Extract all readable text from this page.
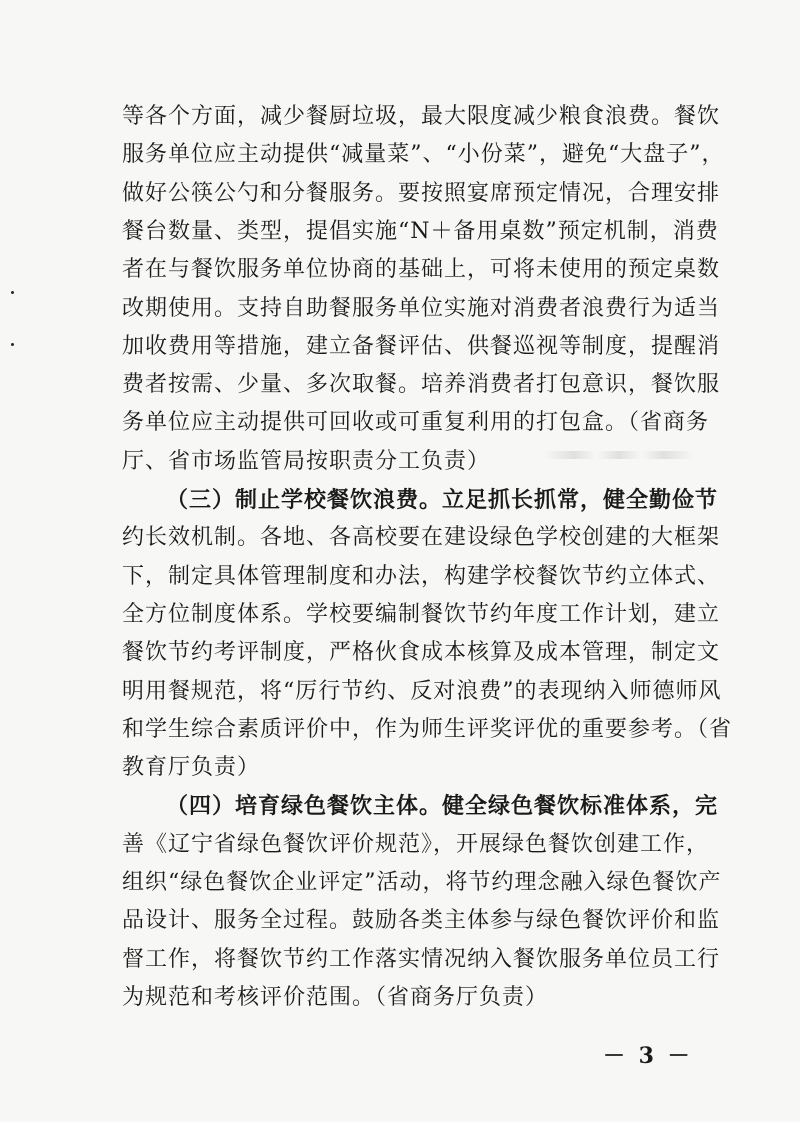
等各个方面，减少餐厨垃圾，最大限度减少粮食浪费。餐饮
服务单位应主动提供“减量菜”、“小份菜”，避免“大盘子”，
做好公筷公勺和分餐服务。要按照宴席预定情况，合理安排
餐台数量、类型，提倡实施“N＋备用桌数”预定机制，消费
者在与餐饮服务单位协商的基础上，可将未使用的预定桌数
改期使用。支持自助餐服务单位实施对消费者浪费行为适当
加收费用等措施，建立备餐评估、供餐巡视等制度，提醒消
费者按需、少量、多次取餐。培养消费者打包意识，餐饮服
务单位应主动提供可回收或可重复利用的打包盒。（省商务
厅、省市场监管局按职责分工负责）
（三）制止学校餐饮浪费。立足抓长抓常，健全勤俭节
约长效机制。各地、各高校要在建设绿色学校创建的大框架
下，制定具体管理制度和办法，构建学校餐饮节约立体式、
全方位制度体系。学校要编制餐饮节约年度工作计划，建立
餐饮节约考评制度，严格伙食成本核算及成本管理，制定文
明用餐规范，将“厉行节约、反对浪费”的表现纳入师德师风
和学生综合素质评价中，作为师生评奖评优的重要参考。（省
教育厅负责）
（四）培育绿色餐饮主体。健全绿色餐饮标准体系，完
善《辽宁省绿色餐饮评价规范》，开展绿色餐饮创建工作，
组织“绿色餐饮企业评定”活动，将节约理念融入绿色餐饮产
品设计、服务全过程。鼓励各类主体参与绿色餐饮评价和监
督工作，将餐饮节约工作落实情况纳入餐饮服务单位员工行
为规范和考核评价范围。（省商务厅负责）
－ 3 －
